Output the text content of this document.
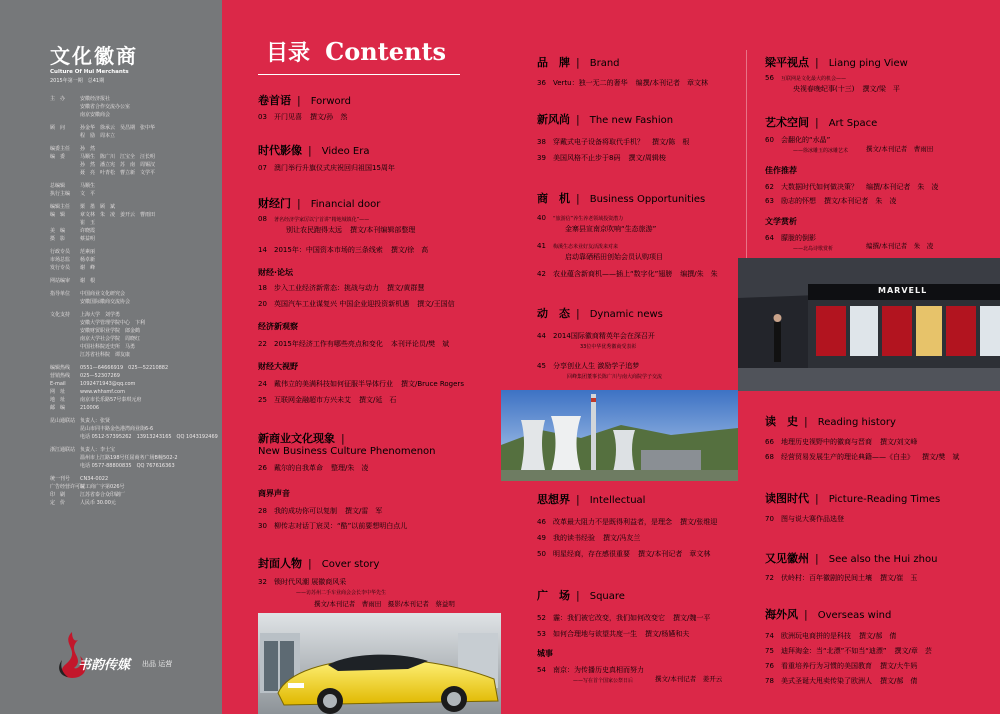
文化徽商
Culture Of Hui Merchants
2015年第一期　总41期
主　办	安徽经济报社
安徽省合作交流办公室
南京安徽商会
顾　问	孙金华　徐承云　吴昌期　张中华
程　励　周本立
编委主任 孙　然
编　委	马顺生　陈广川　江宝全　汪长明
孙　然　潘立宪　苏　南　周锡汉
聂　亮　叶青松　曹立新　文学平
总编辑	马顺生
执行主编 文　平
编辑主任 栗　墨　顾　斌
编　辑	章文林　朱　凌　姜开云　曹雨田
崔　玉
美　编	许晓霞
摄　影	蔡益明
行政专员 范素丽
市场总监 杨卓新
发行专员 谢　峰
网站编审 谢　根
指导单位 中国商业文化研究会
安徽国际徽商交流协会
文化支持 上海大学　刘学勇
安徽大学管理学院中心　卞利
安徽财贸职业学院　郎金鹤
南京大学社会学院　周晓红
中国社科院近史所　马勇
江苏省社科院　谭友康
编辑热线 0551—64666919　025—52210882
营销热线 025—52307269
E-mail	1092471943@qq.com
网　址	www.whhsmf.com
地　址	南京市长乐路57号泰琪元府
邮　编	210006
昆山通联站 负责人：张贤
昆山市同丰路金色港湾商业街6-6
电话 0512-57395262　13913243165　QQ 1043192469
浙江通联站 负责人：李士宝
温州市上江路198号任屈商务广场B幢502-2
电话 0577-88800835　QQ 767616363
统一刊号 CN34-0022
广告经营许可证皖工商广字第026号
印　刷	江苏省泰合众印刷厂
定　价	人民币 30.00元
书韵传媒 出品 运营
目录 Contents
卷首语 | Forword
03 开门见喜 撰文/孙　然
时代影像 | Video Era
07 澳门举行升旗仪式庆祝回归祖国15周年
财经门 | Financial door
08 著名经济学家厉以宁首讲“精地城镇化”——
别让农民跑得太远 撰文/本刊编辑部整理
14 2015年：中国资本市场的三条线索 撰文/徐　高
财经·论坛
18 步入工业经济新常态：挑战与动力 撰文/黄群慧
20 英国汽车工业谋复兴 中国企业迎投资新机遇 撰文/王国信
经济新观察
22 2015年经济工作有哪些亮点和变化 本刊评论员/樊　斌
财经大视野
24 戴伟立的美满科技如何征服半导体行业 撰文/Bruce Rogers
25 互联网金融超市方兴未艾 撰文/延　石
新商业文化现象 |
New Business Culture Phenomenon
26 戴尔的自我革命 整理/朱　凌
商界声音
28 我的成功你可以复制 撰文/雷　军
30 柳传志对话丁宸灵：“酷”以前要想明白点儿
封面人物 | Cover story
32 锁时代风潮 展徽商风采
——访苏州二手车业商会会长李中华先生
撰文/本刊记者　曹雨田　摄影/本刊记者　蔡益明
品　牌 | Brand
36 Vertu：独一无二的奢华 编撰/本刊记者　章文林
新风尚 | The new Fashion
38 穿戴式电子设备将取代手机？ 撰文/陈　根
39 美国风格不止步于8码 撰文/周辑梭
商　机 | Business Opportunities
40 “旅游信”养生养老领域投资潜力
金寨县宣南京吹响“生态旅游”
41 梅溪生态米业好友活泼来对来
启动靠硒稻田创始会员认购项目
42 农业蕴含新商机——插上“数字化”翅膀 编撰/朱　朱
动　态 | Dynamic news
44 2014国际徽商精英年会在深召开
33位中华优秀徽商受表彰
45 分享创业人生 激励学子追梦
回峰集团董事长陈广川与南大商院学子交流
思想界 | Intellectual
46 改革最大阻力不是既得利益者，是理念 撰文/张维迎
49 我的读书经验 撰文/冯友兰
50 明星经商，存在感很重要 撰文/本刊记者　章文林
广　场 | Square
52 霾：我们被它改变，我们如何改变它 撰文/魏一平
53 如何合理地与欲望共度一生 撰文/杨嬿和夫
城事
54 南京：为传播历史真相而努力
——写在首个国家公祭日后	撰文/本刊记者　姜开云
梁平视点 | Liang ping View
56 互联网是文化最大的机会——
央视春晚纪事(十三) 撰文/梁　平
艺术空间 | Art Space
60 会翻化的“水晶”
——徐冰雕玉的冰雕艺术	撰文/本刊记者　曹雨田
佳作推荐
62 大数据时代如何做决策？ 编撰/本刊记者　朱　凌
63 励志的怀想 撰文/本刊记者　朱　凌
文学赏析
64 朦胧的倒影
——北岛诗歌赏析	编撰/本刊记者　朱　凌
MARVELL
读　史 | Reading history
66 地理历史视野中的徽商与晋商 撰文/刘文峰
68 经营贸易发展生产的理论典籍——《白圭》 撰文/樊　斌
读图时代 | Picture-Reading Times
70 图与说大赛作品选登
又见徽州 | See also the Hui zhou
72 伏岭村：百年徽剧的民间土壤 撰文/崔　玉
海外风 | Overseas wind
74 欧洲玩电商拼的是科技 撰文/郝　倩
75 迪拜淘金：当“北漂”不如当“迪漂” 撰文/章　芸
76 看重培养行为习惯的美国教育 撰文/大牛妈
78 美式圣诞大甩卖传染了欧洲人 撰文/郝　倩
